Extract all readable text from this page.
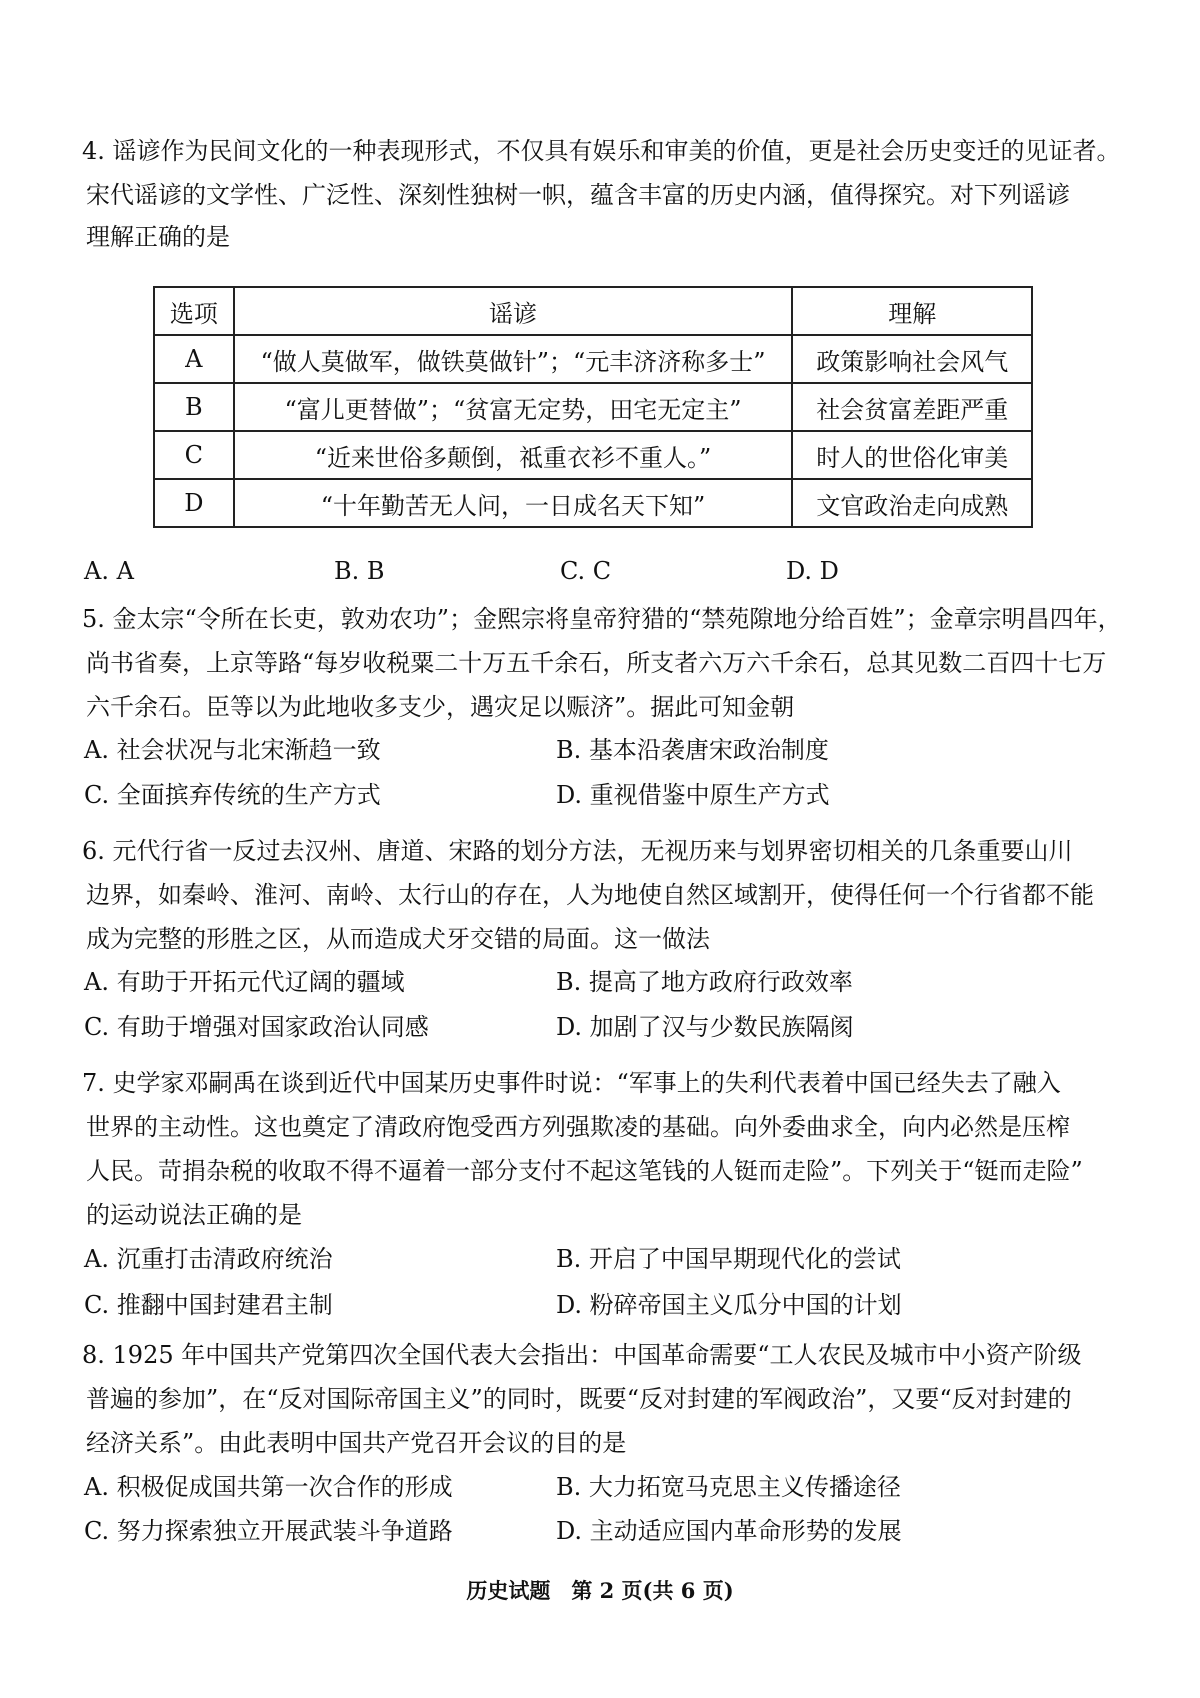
4. 谣谚作为民间文化的一种表现形式，不仅具有娱乐和审美的价值，更是社会历史变迁的见证者。
宋代谣谚的文学性、广泛性、深刻性独树一帜，蕴含丰富的历史内涵，值得探究。对下列谣谚
理解正确的是
选项	谣谚	理解
A	“做人莫做军，做铁莫做针”；“元丰济济称多士”	政策影响社会风气
B	“富儿更替做”；“贫富无定势，田宅无定主”	社会贫富差距严重
C	“近来世俗多颠倒，祗重衣衫不重人。”	时人的世俗化审美
D	“十年勤苦无人问，一日成名天下知”	文官政治走向成熟
A. A	B. B	C. C	D. D
5. 金太宗“令所在长吏，敦劝农功”；金熙宗将皇帝狩猎的“禁苑隙地分给百姓”；金章宗明昌四年，
尚书省奏，上京等路“每岁收税粟二十万五千余石，所支者六万六千余石，总其见数二百四十七万
六千余石。臣等以为此地收多支少，遇灾足以赈济”。据此可知金朝
A. 社会状况与北宋渐趋一致	B. 基本沿袭唐宋政治制度
C. 全面摈弃传统的生产方式	D. 重视借鉴中原生产方式
6. 元代行省一反过去汉州、唐道、宋路的划分方法，无视历来与划界密切相关的几条重要山川
边界，如秦岭、淮河、南岭、太行山的存在，人为地使自然区域割开，使得任何一个行省都不能
成为完整的形胜之区，从而造成犬牙交错的局面。这一做法
A. 有助于开拓元代辽阔的疆域	B. 提高了地方政府行政效率
C. 有助于增强对国家政治认同感	D. 加剧了汉与少数民族隔阂
7. 史学家邓嗣禹在谈到近代中国某历史事件时说：“军事上的失利代表着中国已经失去了融入
世界的主动性。这也奠定了清政府饱受西方列强欺凌的基础。向外委曲求全，向内必然是压榨
人民。苛捐杂税的收取不得不逼着一部分支付不起这笔钱的人铤而走险”。下列关于“铤而走险”
的运动说法正确的是
A. 沉重打击清政府统治	B. 开启了中国早期现代化的尝试
C. 推翻中国封建君主制	D. 粉碎帝国主义瓜分中国的计划
8. 1925 年中国共产党第四次全国代表大会指出：中国革命需要“工人农民及城市中小资产阶级
普遍的参加”，在“反对国际帝国主义”的同时，既要“反对封建的军阀政治”，又要“反对封建的
经济关系”。由此表明中国共产党召开会议的目的是
A. 积极促成国共第一次合作的形成	B. 大力拓宽马克思主义传播途径
C. 努力探索独立开展武装斗争道路	D. 主动适应国内革命形势的发展
历史试题　第 2 页(共 6 页)
